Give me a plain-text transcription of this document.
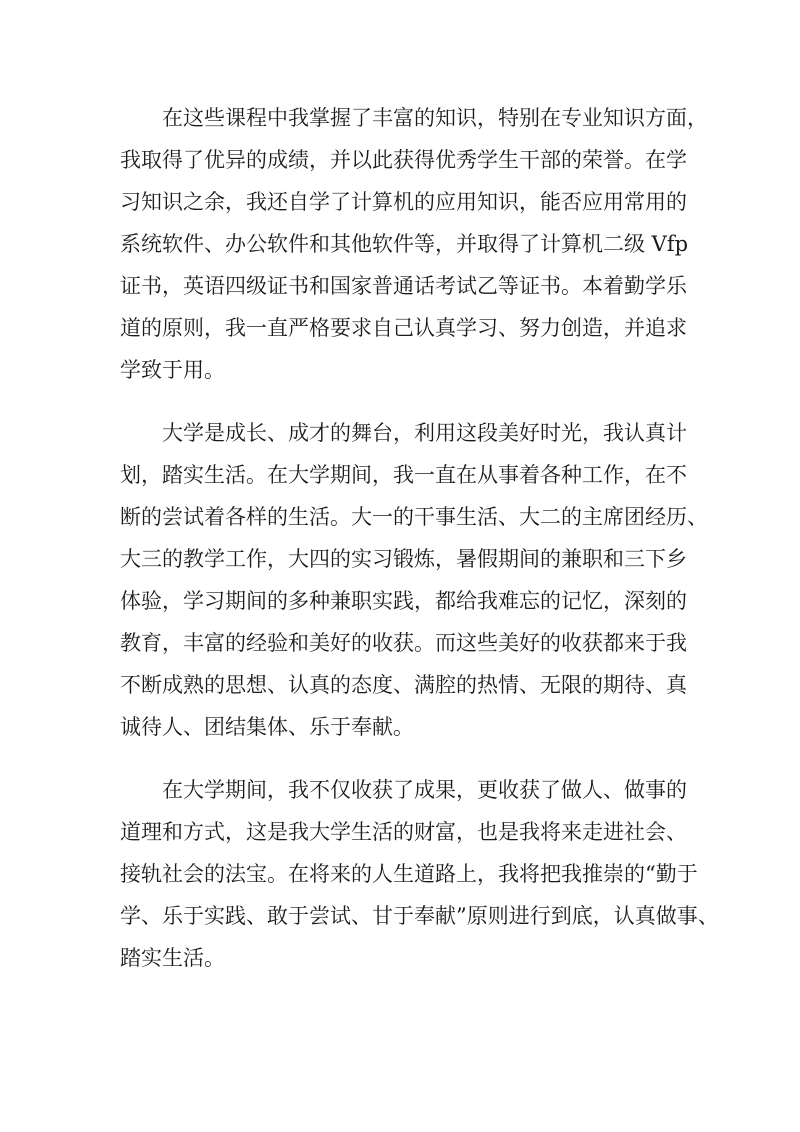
在这些课程中我掌握了丰富的知识，特别在专业知识方面，
我取得了优异的成绩，并以此获得优秀学生干部的荣誉。在学
习知识之余，我还自学了计算机的应用知识，能否应用常用的
系统软件、办公软件和其他软件等，并取得了计算机二级 Vfp
证书，英语四级证书和国家普通话考试乙等证书。本着勤学乐
道的原则，我一直严格要求自己认真学习、努力创造，并追求
学致于用。
大学是成长、成才的舞台，利用这段美好时光，我认真计
划，踏实生活。在大学期间，我一直在从事着各种工作，在不
断的尝试着各样的生活。大一的干事生活、大二的主席团经历、
大三的教学工作，大四的实习锻炼，暑假期间的兼职和三下乡
体验，学习期间的多种兼职实践，都给我难忘的记忆，深刻的
教育，丰富的经验和美好的收获。而这些美好的收获都来于我
不断成熟的思想、认真的态度、满腔的热情、无限的期待、真
诚待人、团结集体、乐于奉献。
在大学期间，我不仅收获了成果，更收获了做人、做事的
道理和方式，这是我大学生活的财富，也是我将来走进社会、
接轨社会的法宝。在将来的人生道路上，我将把我推崇的“勤于
学、乐于实践、敢于尝试、甘于奉献”原则进行到底，认真做事、
踏实生活。
